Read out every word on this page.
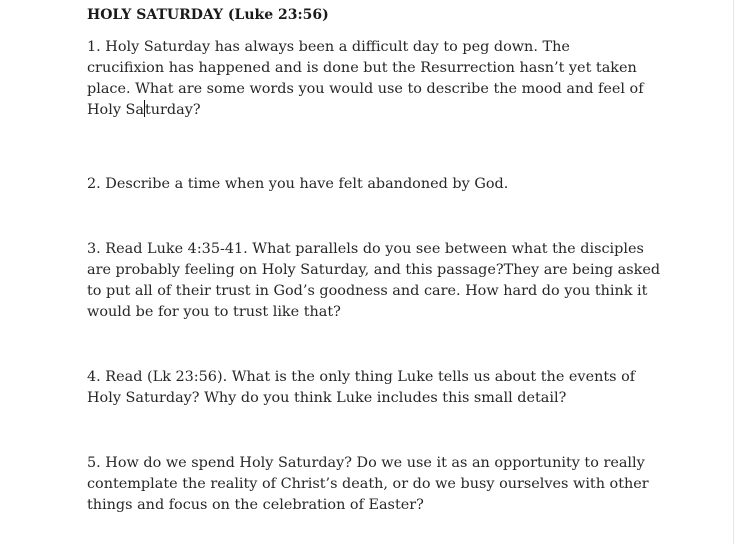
HOLY SATURDAY (Luke 23:56)

1. Holy Saturday has always been a difficult day to peg down. The crucifixion has happened and is done but the Resurrection hasn’t yet taken place. What are some words you would use to describe the mood and feel of Holy Saturday?

2. Describe a time when you have felt abandoned by God.

3. Read Luke 4:35-41. What parallels do you see between what the disciples are probably feeling on Holy Saturday, and this passage?They are being asked to put all of their trust in God’s goodness and care. How hard do you think it would be for you to trust like that?

4. Read (Lk 23:56). What is the only thing Luke tells us about the events of Holy Saturday? Why do you think Luke includes this small detail?

5. How do we spend Holy Saturday? Do we use it as an opportunity to really contemplate the reality of Christ’s death, or do we busy ourselves with other things and focus on the celebration of Easter?
